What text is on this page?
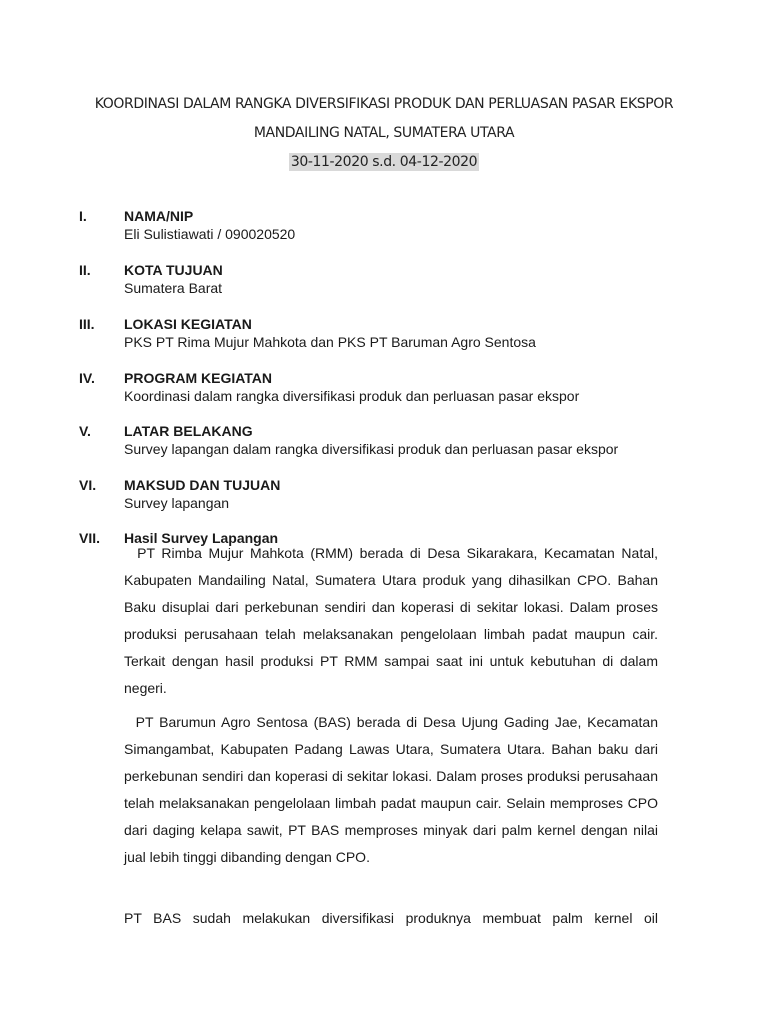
KOORDINASI DALAM RANGKA DIVERSIFIKASI PRODUK DAN PERLUASAN PASAR EKSPOR
MANDAILING NATAL, SUMATERA UTARA
30-11-2020 s.d. 04-12-2020
I.	NAMA/NIP
Eli Sulistiawati / 090020520
II. KOTA TUJUAN
Sumatera Barat
III. LOKASI KEGIATAN
PKS PT Rima Mujur Mahkota dan PKS PT Baruman Agro Sentosa
IV. PROGRAM KEGIATAN
Koordinasi dalam rangka diversifikasi produk dan perluasan pasar ekspor
V. LATAR BELAKANG
Survey lapangan dalam rangka diversifikasi produk dan perluasan pasar ekspor
VI. MAKSUD DAN TUJUAN
Survey lapangan
VII. Hasil Survey Lapangan

PT Rimba Mujur Mahkota (RMM) berada di Desa Sikarakara, Kecamatan Natal, Kabupaten Mandailing Natal, Sumatera Utara produk yang dihasilkan CPO. Bahan Baku disuplai dari perkebunan sendiri dan koperasi di sekitar lokasi. Dalam proses produksi perusahaan telah melaksanakan pengelolaan limbah padat maupun cair. Terkait dengan hasil produksi PT RMM sampai saat ini untuk kebutuhan di dalam negeri.

PT Barumun Agro Sentosa (BAS) berada di Desa Ujung Gading Jae, Kecamatan Simangambat, Kabupaten Padang Lawas Utara, Sumatera Utara. Bahan baku dari perkebunan sendiri dan koperasi di sekitar lokasi. Dalam proses produksi perusahaan telah melaksanakan pengelolaan limbah padat maupun cair. Selain memproses CPO dari daging kelapa sawit, PT BAS memproses minyak dari palm kernel dengan nilai jual lebih tinggi dibanding dengan CPO.

PT BAS sudah melakukan diversifikasi produknya membuat palm kernel oil
